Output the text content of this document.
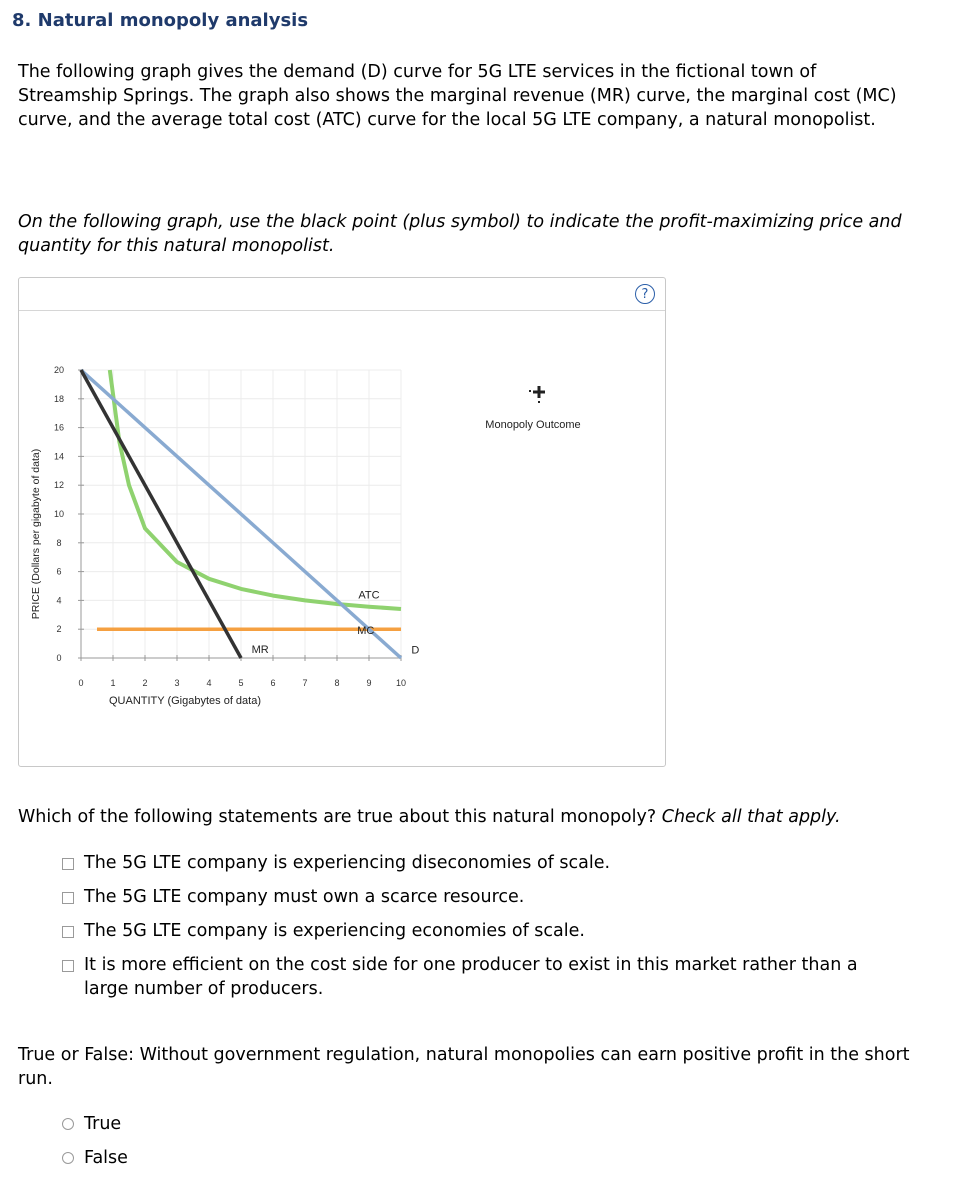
8. Natural monopoly analysis
The following graph gives the demand (D) curve for 5G LTE services in the fictional town of Streamship Springs. The graph also shows the marginal revenue (MR) curve, the marginal cost (MC) curve, and the average total cost (ATC) curve for the local 5G LTE company, a natural monopolist.
On the following graph, use the black point (plus symbol) to indicate the profit-maximizing price and quantity for this natural monopolist.
?
0	1	2	3	4	5	6	7	8	9	10
0
2
4
6
8
10
12
14
16
18
20
QUANTITY (Gigabytes of data)
PRICE (Dollars per gigabyte of data)
MR
ATC
MC
D
Monopoly Outcome
Which of the following statements are true about this natural monopoly? Check all that apply.
The 5G LTE company is experiencing diseconomies of scale.
The 5G LTE company must own a scarce resource.
The 5G LTE company is experiencing economies of scale.
It is more efficient on the cost side for one producer to exist in this market rather than a large number of producers.
True or False: Without government regulation, natural monopolies can earn positive profit in the short run.
True
False
